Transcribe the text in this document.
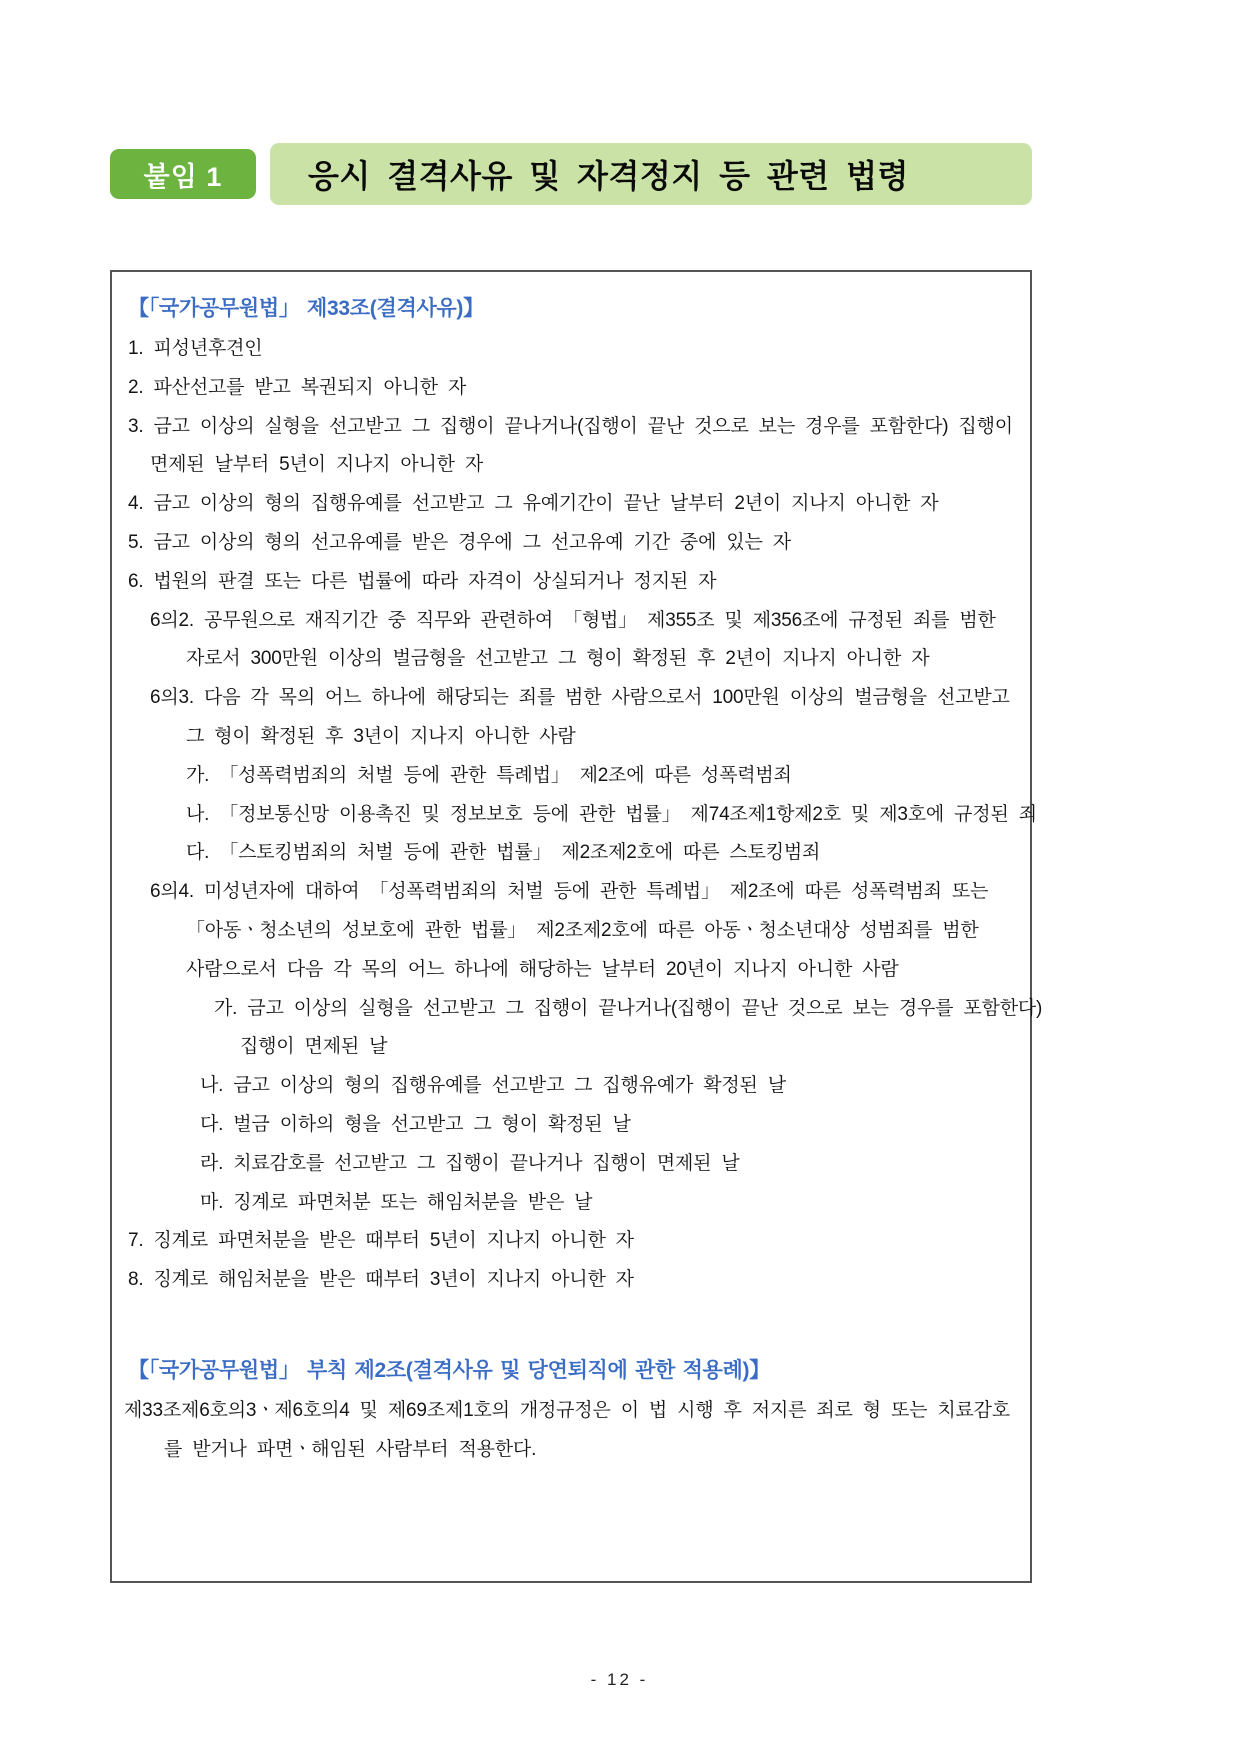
붙임 1	응시 결격사유 및 자격정지 등 관련 법령
【「국가공무원법」 제33조(결격사유)】
1. 피성년후견인
2. 파산선고를 받고 복권되지 아니한 자
3. 금고 이상의 실형을 선고받고 그 집행이 끝나거나(집행이 끝난 것으로 보는 경우를 포함한다) 집행이
면제된 날부터 5년이 지나지 아니한 자
4. 금고 이상의 형의 집행유예를 선고받고 그 유예기간이 끝난 날부터 2년이 지나지 아니한 자
5. 금고 이상의 형의 선고유예를 받은 경우에 그 선고유예 기간 중에 있는 자
6. 법원의 판결 또는 다른 법률에 따라 자격이 상실되거나 정지된 자
6의2. 공무원으로 재직기간 중 직무와 관련하여 「형법」 제355조 및 제356조에 규정된 죄를 범한
자로서 300만원 이상의 벌금형을 선고받고 그 형이 확정된 후 2년이 지나지 아니한 자
6의3. 다음 각 목의 어느 하나에 해당되는 죄를 범한 사람으로서 100만원 이상의 벌금형을 선고받고
그 형이 확정된 후 3년이 지나지 아니한 사람
가. 「성폭력범죄의 처벌 등에 관한 특례법」 제2조에 따른 성폭력범죄
나. 「정보통신망 이용촉진 및 정보보호 등에 관한 법률」 제74조제1항제2호 및 제3호에 규정된 죄
다. 「스토킹범죄의 처벌 등에 관한 법률」 제2조제2호에 따른 스토킹범죄
6의4. 미성년자에 대하여 「성폭력범죄의 처벌 등에 관한 특례법」 제2조에 따른 성폭력범죄 또는
「아동ㆍ청소년의 성보호에 관한 법률」 제2조제2호에 따른 아동ㆍ청소년대상 성범죄를 범한
사람으로서 다음 각 목의 어느 하나에 해당하는 날부터 20년이 지나지 아니한 사람
가. 금고 이상의 실형을 선고받고 그 집행이 끝나거나(집행이 끝난 것으로 보는 경우를 포함한다)
집행이 면제된 날
나. 금고 이상의 형의 집행유예를 선고받고 그 집행유예가 확정된 날
다. 벌금 이하의 형을 선고받고 그 형이 확정된 날
라. 치료감호를 선고받고 그 집행이 끝나거나 집행이 면제된 날
마. 징계로 파면처분 또는 해임처분을 받은 날
7. 징계로 파면처분을 받은 때부터 5년이 지나지 아니한 자
8. 징계로 해임처분을 받은 때부터 3년이 지나지 아니한 자
【「국가공무원법」 부칙 제2조(결격사유 및 당연퇴직에 관한 적용례)】
제33조제6호의3ㆍ제6호의4 및 제69조제1호의 개정규정은 이 법 시행 후 저지른 죄로 형 또는 치료감호
를 받거나 파면ㆍ해임된 사람부터 적용한다.
- 12 -
